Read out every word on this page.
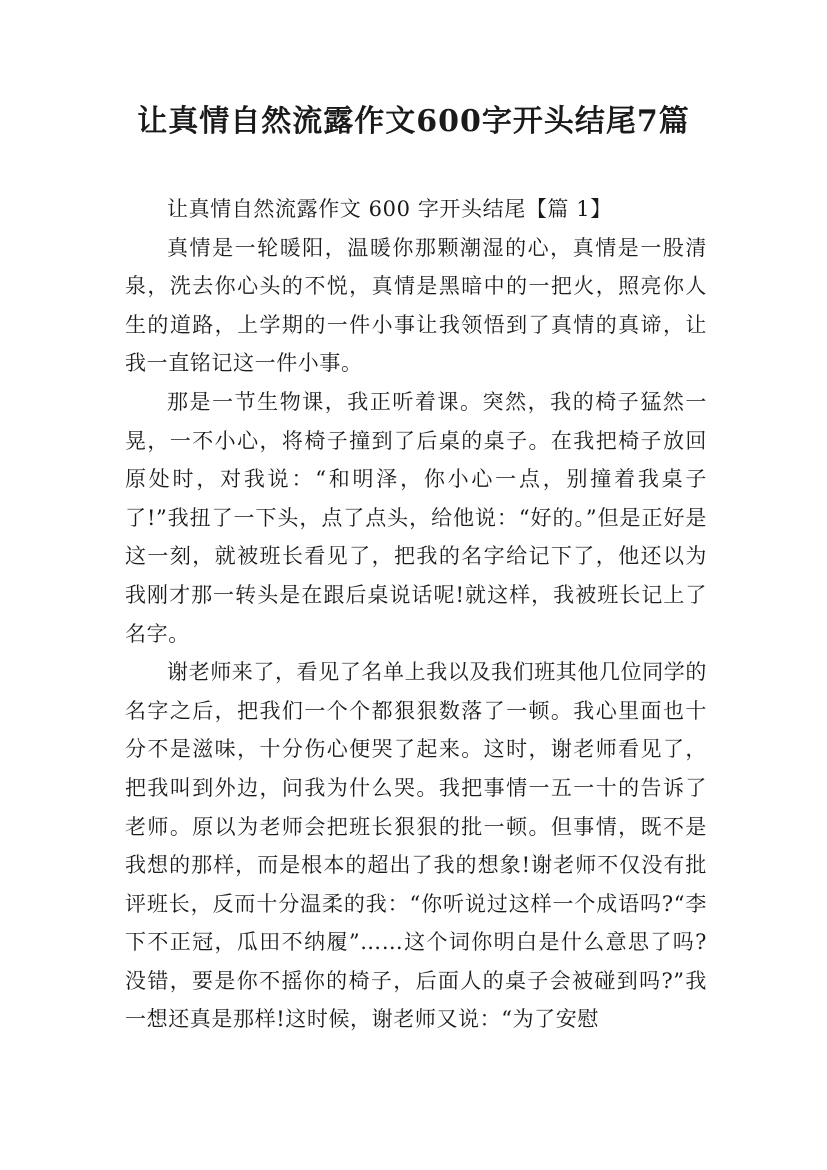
让真情自然流露作文600字开头结尾7篇

让真情自然流露作文 600 字开头结尾【篇 1】

真情是一轮暖阳，温暖你那颗潮湿的心，真情是一股清泉，洗去你心头的不悦，真情是黑暗中的一把火，照亮你人生的道路，上学期的一件小事让我领悟到了真情的真谛，让我一直铭记这一件小事。

那是一节生物课，我正听着课。突然，我的椅子猛然一晃，一不小心，将椅子撞到了后桌的桌子。在我把椅子放回原处时，对我说：“和明泽，你小心一点，别撞着我桌子了!”我扭了一下头，点了点头，给他说：“好的。”但是正好是这一刻，就被班长看见了，把我的名字给记下了，他还以为我刚才那一转头是在跟后桌说话呢!就这样，我被班长记上了名字。

谢老师来了，看见了名单上我以及我们班其他几位同学的名字之后，把我们一个个都狠狠数落了一顿。我心里面也十分不是滋味，十分伤心便哭了起来。这时，谢老师看见了，把我叫到外边，问我为什么哭。我把事情一五一十的告诉了老师。原以为老师会把班长狠狠的批一顿。但事情，既不是我想的那样，而是根本的超出了我的想象!谢老师不仅没有批评班长，反而十分温柔的我：“你听说过这样一个成语吗?“李下不正冠，瓜田不纳履”……这个词你明白是什么意思了吗?没错，要是你不摇你的椅子，后面人的桌子会被碰到吗?”我一想还真是那样!这时候，谢老师又说：“为了安慰
